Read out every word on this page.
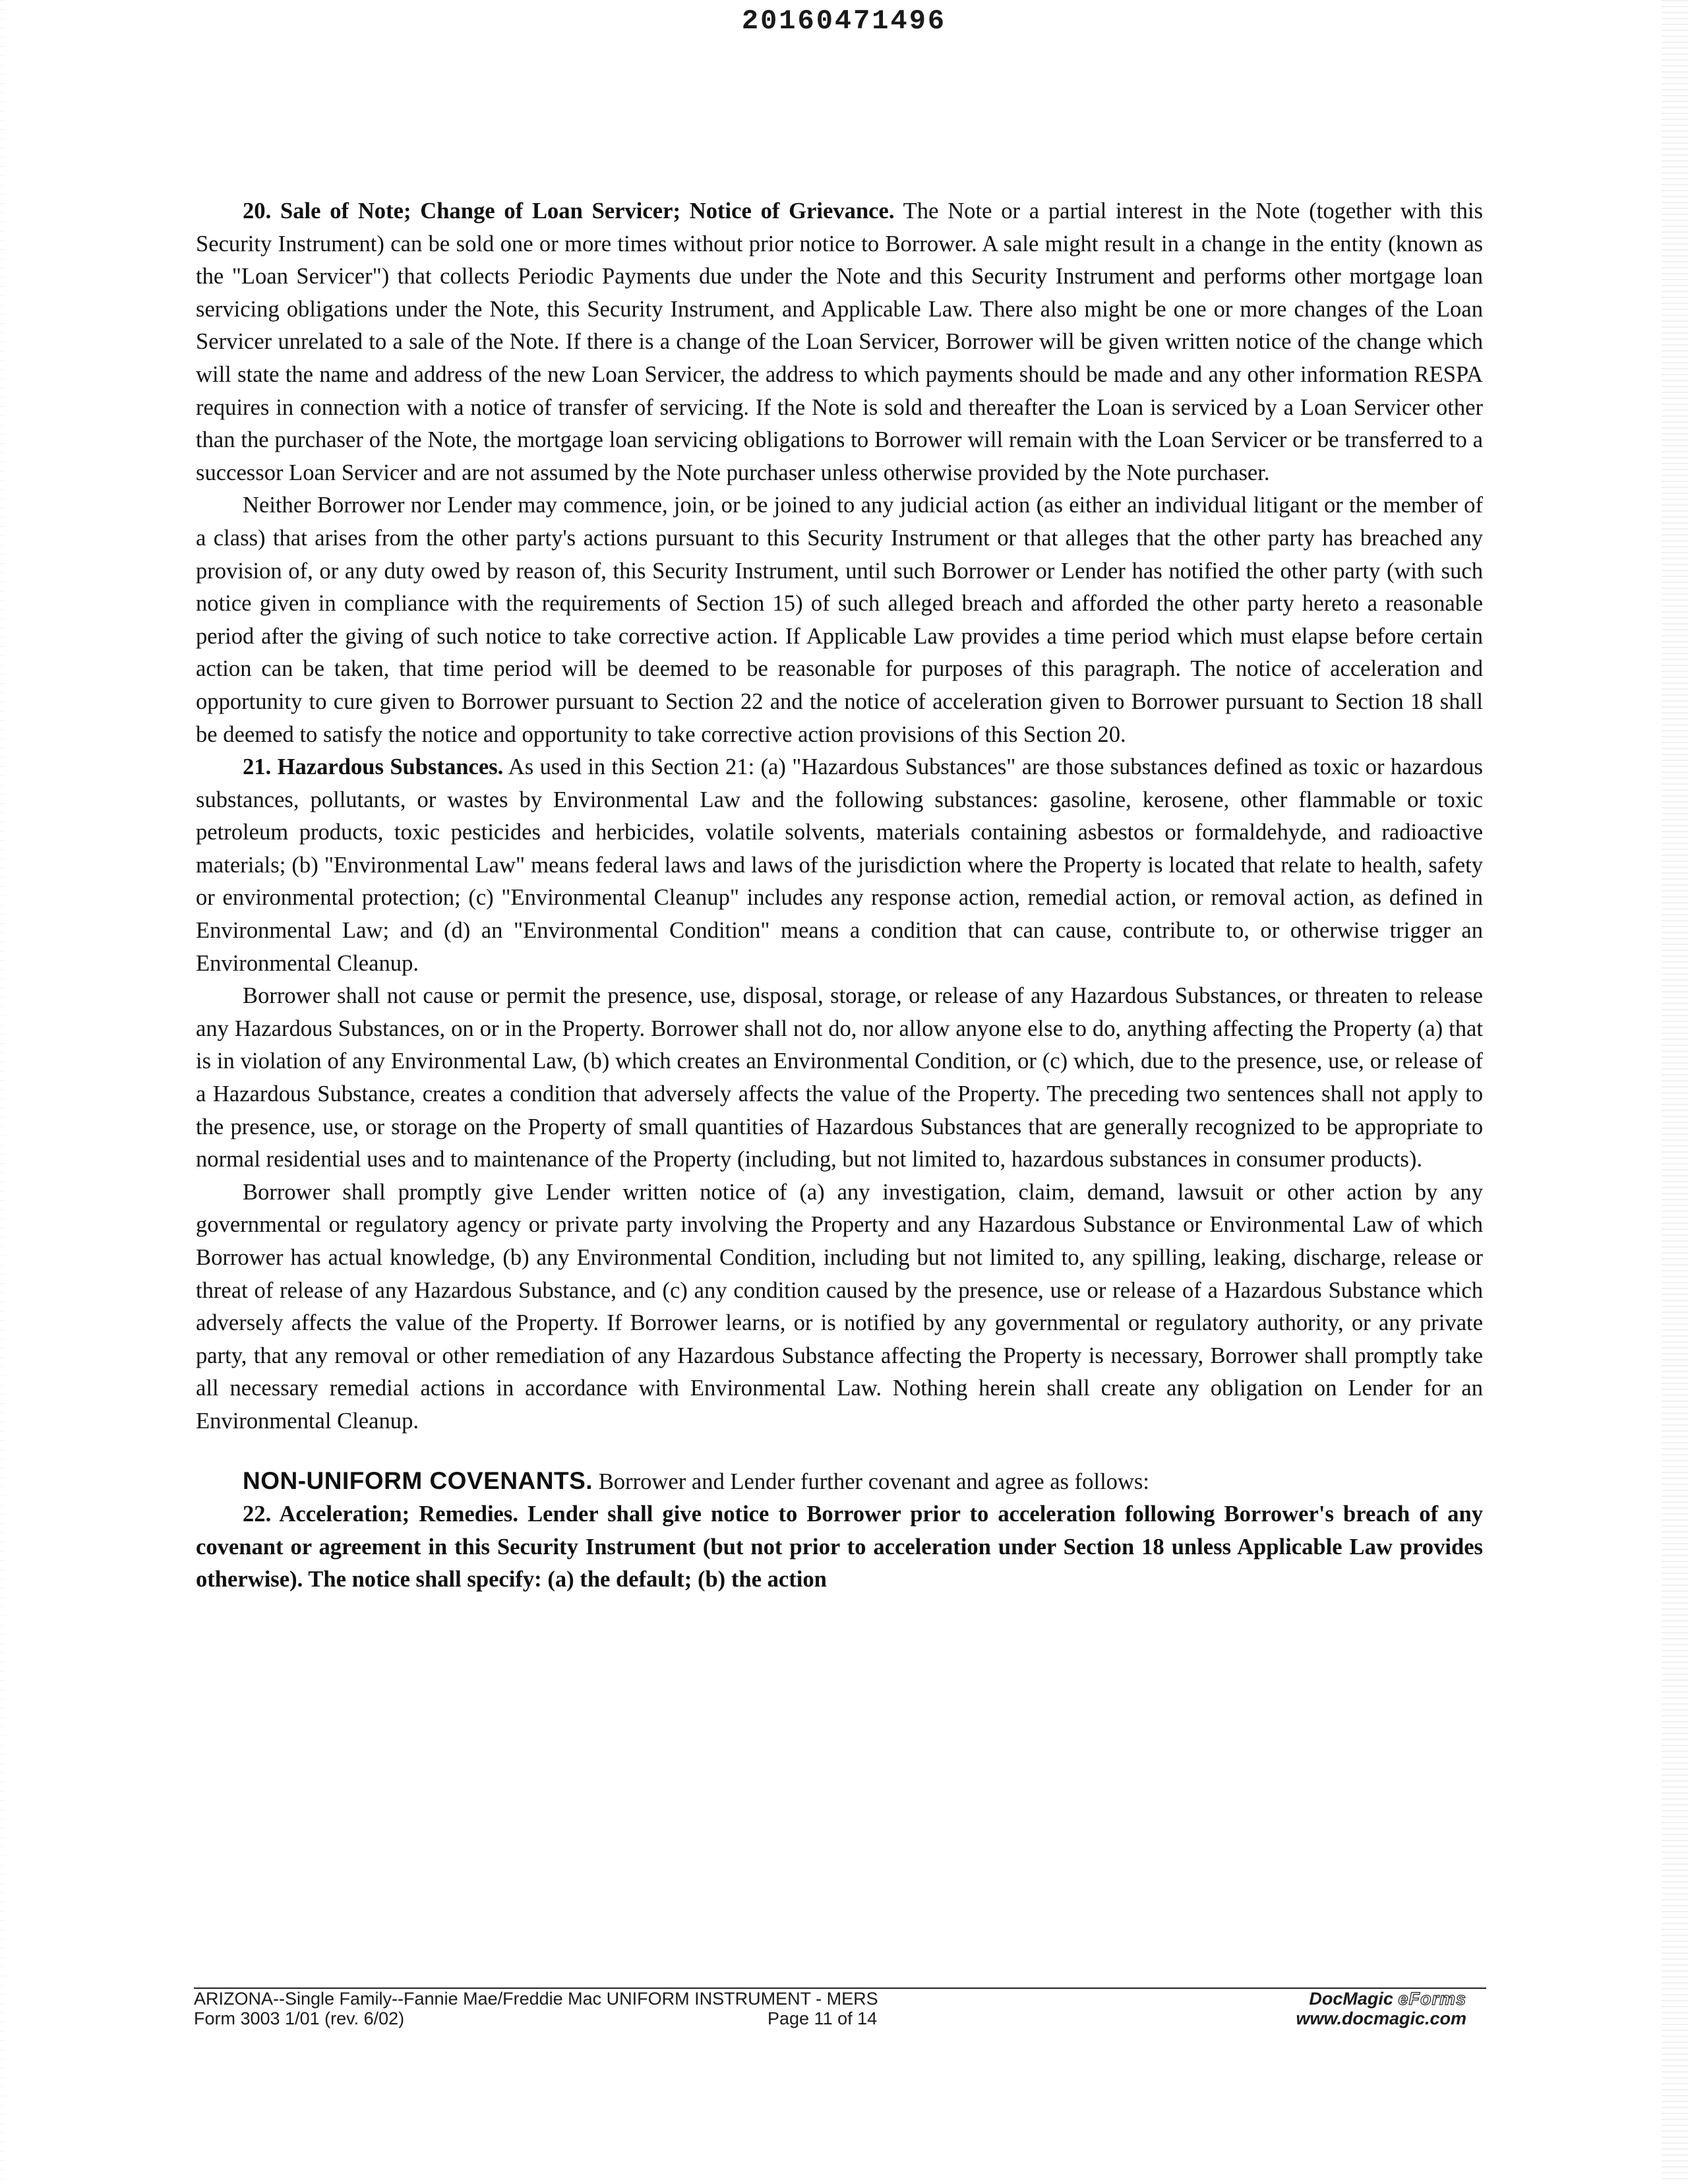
20160471496

20. Sale of Note; Change of Loan Servicer; Notice of Grievance. The Note or a partial interest in the Note (together with this Security Instrument) can be sold one or more times without prior notice to Borrower. A sale might result in a change in the entity (known as the "Loan Servicer") that collects Periodic Payments due under the Note and this Security Instrument and performs other mortgage loan servicing obligations under the Note, this Security Instrument, and Applicable Law. There also might be one or more changes of the Loan Servicer unrelated to a sale of the Note. If there is a change of the Loan Servicer, Borrower will be given written notice of the change which will state the name and address of the new Loan Servicer, the address to which payments should be made and any other information RESPA requires in connection with a notice of transfer of servicing. If the Note is sold and thereafter the Loan is serviced by a Loan Servicer other than the purchaser of the Note, the mortgage loan servicing obligations to Borrower will remain with the Loan Servicer or be transferred to a successor Loan Servicer and are not assumed by the Note purchaser unless otherwise provided by the Note purchaser.

Neither Borrower nor Lender may commence, join, or be joined to any judicial action (as either an individual litigant or the member of a class) that arises from the other party's actions pursuant to this Security Instrument or that alleges that the other party has breached any provision of, or any duty owed by reason of, this Security Instrument, until such Borrower or Lender has notified the other party (with such notice given in compliance with the requirements of Section 15) of such alleged breach and afforded the other party hereto a reasonable period after the giving of such notice to take corrective action. If Applicable Law provides a time period which must elapse before certain action can be taken, that time period will be deemed to be reasonable for purposes of this paragraph. The notice of acceleration and opportunity to cure given to Borrower pursuant to Section 22 and the notice of acceleration given to Borrower pursuant to Section 18 shall be deemed to satisfy the notice and opportunity to take corrective action provisions of this Section 20.

21. Hazardous Substances. As used in this Section 21: (a) "Hazardous Substances" are those substances defined as toxic or hazardous substances, pollutants, or wastes by Environmental Law and the following substances: gasoline, kerosene, other flammable or toxic petroleum products, toxic pesticides and herbicides, volatile solvents, materials containing asbestos or formaldehyde, and radioactive materials; (b) "Environmental Law" means federal laws and laws of the jurisdiction where the Property is located that relate to health, safety or environmental protection; (c) "Environmental Cleanup" includes any response action, remedial action, or removal action, as defined in Environmental Law; and (d) an "Environmental Condition" means a condition that can cause, contribute to, or otherwise trigger an Environmental Cleanup.

Borrower shall not cause or permit the presence, use, disposal, storage, or release of any Hazardous Substances, or threaten to release any Hazardous Substances, on or in the Property. Borrower shall not do, nor allow anyone else to do, anything affecting the Property (a) that is in violation of any Environmental Law, (b) which creates an Environmental Condition, or (c) which, due to the presence, use, or release of a Hazardous Substance, creates a condition that adversely affects the value of the Property. The preceding two sentences shall not apply to the presence, use, or storage on the Property of small quantities of Hazardous Substances that are generally recognized to be appropriate to normal residential uses and to maintenance of the Property (including, but not limited to, hazardous substances in consumer products).

Borrower shall promptly give Lender written notice of (a) any investigation, claim, demand, lawsuit or other action by any governmental or regulatory agency or private party involving the Property and any Hazardous Substance or Environmental Law of which Borrower has actual knowledge, (b) any Environmental Condition, including but not limited to, any spilling, leaking, discharge, release or threat of release of any Hazardous Substance, and (c) any condition caused by the presence, use or release of a Hazardous Substance which adversely affects the value of the Property. If Borrower learns, or is notified by any governmental or regulatory authority, or any private party, that any removal or other remediation of any Hazardous Substance affecting the Property is necessary, Borrower shall promptly take all necessary remedial actions in accordance with Environmental Law. Nothing herein shall create any obligation on Lender for an Environmental Cleanup.

NON-UNIFORM COVENANTS. Borrower and Lender further covenant and agree as follows:

22. Acceleration; Remedies. Lender shall give notice to Borrower prior to acceleration following Borrower's breach of any covenant or agreement in this Security Instrument (but not prior to acceleration under Section 18 unless Applicable Law provides otherwise). The notice shall specify: (a) the default; (b) the action

ARIZONA--Single Family--Fannie Mae/Freddie Mac UNIFORM INSTRUMENT - MERS
Form 3003 1/01 (rev. 6/02)	Page 11 of 14
DocMagic eForms
www.docmagic.com
